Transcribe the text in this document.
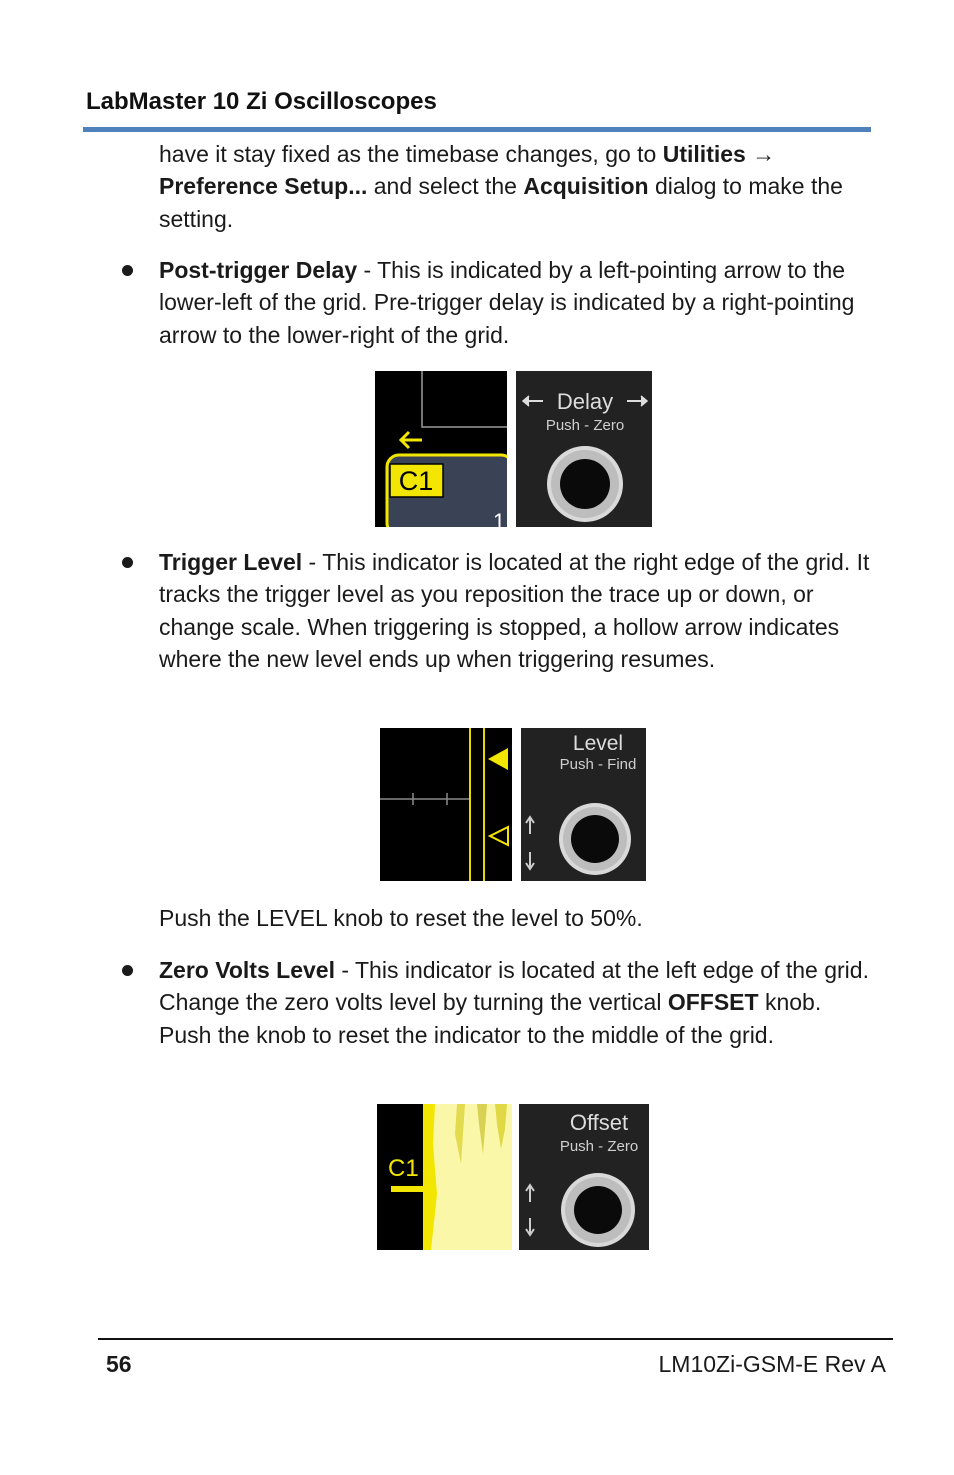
LabMaster 10 Zi Oscilloscopes
have it stay fixed as the timebase changes, go to Utilities → Preference Setup... and select the Acquisition dialog to make the setting.
Post-trigger Delay - This is indicated by a left-pointing arrow to the lower-left of the grid. Pre-trigger delay is indicated by a right-pointing arrow to the lower-right of the grid.
C1
1
Delay
Push - Zero
Trigger Level - This indicator is located at the right edge of the grid. It tracks the trigger level as you reposition the trace up or down, or change scale. When triggering is stopped, a hollow arrow indicates where the new level ends up when triggering resumes.
Level
Push - Find
Push the LEVEL knob to reset the level to 50%.
Zero Volts Level - This indicator is located at the left edge of the grid. Change the zero volts level by turning the vertical OFFSET knob. Push the knob to reset the indicator to the middle of the grid.
C1
Offset
Push - Zero
56	LM10Zi-GSM-E Rev A
